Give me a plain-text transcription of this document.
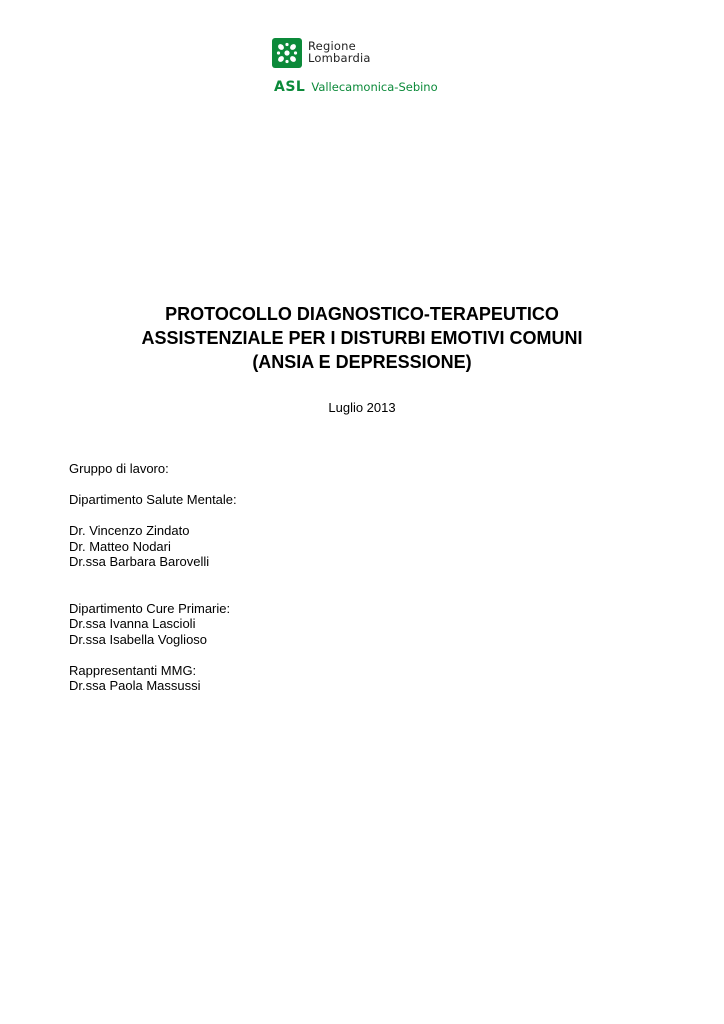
Regione
Lombardia
ASL Vallecamonica-Sebino
PROTOCOLLO DIAGNOSTICO-TERAPEUTICO
ASSISTENZIALE PER I DISTURBI EMOTIVI COMUNI
(ANSIA E DEPRESSIONE)
Luglio 2013
Gruppo di lavoro:
Dipartimento Salute Mentale:
Dr. Vincenzo Zindato
Dr. Matteo Nodari
Dr.ssa Barbara Barovelli
Dipartimento Cure Primarie:
Dr.ssa Ivanna Lascioli
Dr.ssa Isabella Voglioso
Rappresentanti MMG:
Dr.ssa Paola Massussi
